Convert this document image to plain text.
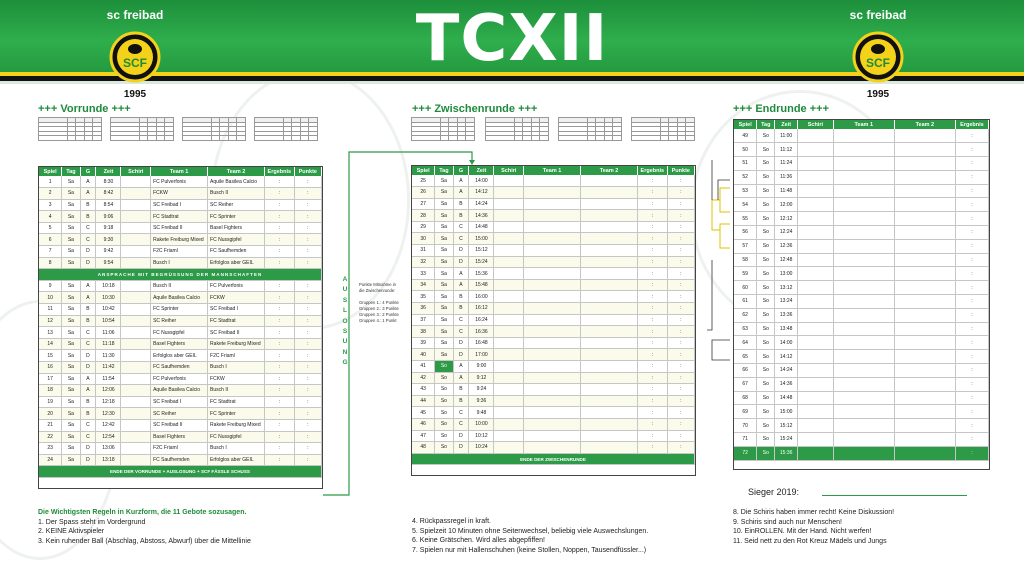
TCXII
sc freibad
SCF
1995
sc freibad
SCF
1995
+++ Vorrunde +++	+++ Zwischenrunde +++	+++ Endrunde +++

Spiel	Tag	G	Zeit	Schiri	Team 1	Team 2	Ergebnis	Punkte
1	Sa	A	8:30		FC Pulverfonis	Aquile Basilea Calcio	:	:
2	Sa	A	8:42		FCKW	Busch II	:	:
3	Sa	B	8:54		SC Freibad I	SC Reiher	:	:
4	Sa	B	9:06		FC Stadtrat	FC Sprinter	:	:
5	Sa	C	9:18		SC Freibad II	Basel Fighters	:	:
6	Sa	C	9:30		Rakete Freiburg Mixed	FC Nussgipfel	:	:
7	Sa	D	9:42		F2C Friaml	FC Saufhemden	:	:
8	Sa	D	9:54		Busch I	Erfolglos aber GEIL	:	:
ANSPRACHE MIT BEGRÜSSUNG DER MANNSCHAFTEN								
9	Sa	A	10:18		Busch II	FC Pulverfonis	:	:
10	Sa	A	10:30		Aquile Basilea Calcio	FCKW	:	:
11	Sa	B	10:42		FC Sprinter	SC Freibad I	:	:
12	Sa	B	10:54		SC Reiher	FC Stadtrat	:	:
13	Sa	C	11:06		FC Nussgipfel	SC Freibad II	:	:
14	Sa	C	11:18		Basel Fighters	Rakete Freiburg Mixed	:	:
15	Sa	D	11:30		Erfolglos aber GEIL	F2C Friaml	:	:
16	Sa	D	11:42		FC Saufhemden	Busch I	:	:
17	Sa	A	11:54		FC Pulverfonis	FCKW	:	:
18	Sa	A	12:06		Aquile Basilea Calcio	Busch II	:	:
19	Sa	B	12:18		SC Freibad I	FC Stadtrat	:	:
20	Sa	B	12:30		SC Reiher	FC Sprinter	:	:
21	Sa	C	12:42		SC Freibad II	Rakete Freiburg Mixed	:	:
22	Sa	C	12:54		Basel Fighters	FC Nussgipfel	:	:
23	Sa	D	13:06		F2C Friaml	Busch I	:	:
24	Sa	D	13:18		FC Saufhemden	Erfolglos aber GEIL	:	:
ENDE DER VORRUNDE + AUSLOSUNG + SCF FÄSSLE SCHUSS								
A
U
S
L
O
S
U
N
G
Spiel	Tag	G	Zeit	Schiri	Team 1	Team 2	Ergebnis	Punkte
25	Sa	A	14:00				:	:
26	Sa	A	14:12				:	:
27	Sa	B	14:24				:	:
28	Sa	B	14:36				:	:
29	Sa	C	14:48				:	:
30	Sa	C	15:00				:	:
31	Sa	D	15:12				:	:
32	Sa	D	15:24				:	:
33	Sa	A	15:36				:	:
34	Sa	A	15:48				:	:
35	Sa	B	16:00				:	:
36	Sa	B	16:12				:	:
37	Sa	C	16:24				:	:
38	Sa	C	16:36				:	:
39	Sa	D	16:48				:	:
40	Sa	D	17:00				:	:
41	So	A	9:00				:	:
42	So	A	9:12				:	:
43	So	B	9:24				:	:
44	So	B	9:36				:	:
45	So	C	9:48				:	:
46	So	C	10:00				:	:
47	So	D	10:12				:	:
48	So	D	10:24				:	:
ENDE DER ZWISCHENRUNDE								
Punkte Mitnahme in
die Zwischenrunde:

Gruppen 1.: 4 Punkte
Gruppen 2.: 3 Punkte
Gruppen 3.: 2 Punkte
Gruppen 4.: 1 Punkt
Spiel	Tag	Zeit	Schiri	Team 1	Team 2	Ergebnis
49	So	11:00				:
50	So	11:12				:
51	So	11:24				:
52	So	11:36				:
53	So	11:48				:
54	So	12:00				:
55	So	12:12				:
56	So	12:24				:
57	So	12:36				:
58	So	12:48				:
59	So	13:00				:
60	So	13:12				:
61	So	13:24				:
62	So	13:36				:
63	So	13:48				:
64	So	14:00				:
65	So	14:12				:
66	So	14:24				:
67	So	14:36				:
68	So	14:48				:
69	So	15:00				:
70	So	15:12				:
71	So	15:24				:
72	So	15:36				:
Sieger 2019:
Die Wichtigsten Regeln in Kurzform, die 11 Gebote sozusagen.
1. Der Spass steht im Vordergrund
2. KEINE Aktivspieler
3. Kein ruhender Ball (Abschlag, Abstoss, Abwurf) über die Mittellinie
4. Rückpassregel in kraft.
5. Spielzeit 10 Minuten ohne Seitenwechsel, beliebig viele Auswechslungen.
6. Keine Grätschen. Wird alles abgepfiffen!
7. Spielen nur mit Hallenschuhen (keine Stollen, Noppen, Tausendfüssler...)
8. Die Schiris haben immer recht! Keine Diskussion!
9. Schiris sind auch nur Menschen!
10. EinROLLEN. Mit der Hand. Nicht werfen!
11. Seid nett zu den Rot Kreuz Mädels und Jungs
